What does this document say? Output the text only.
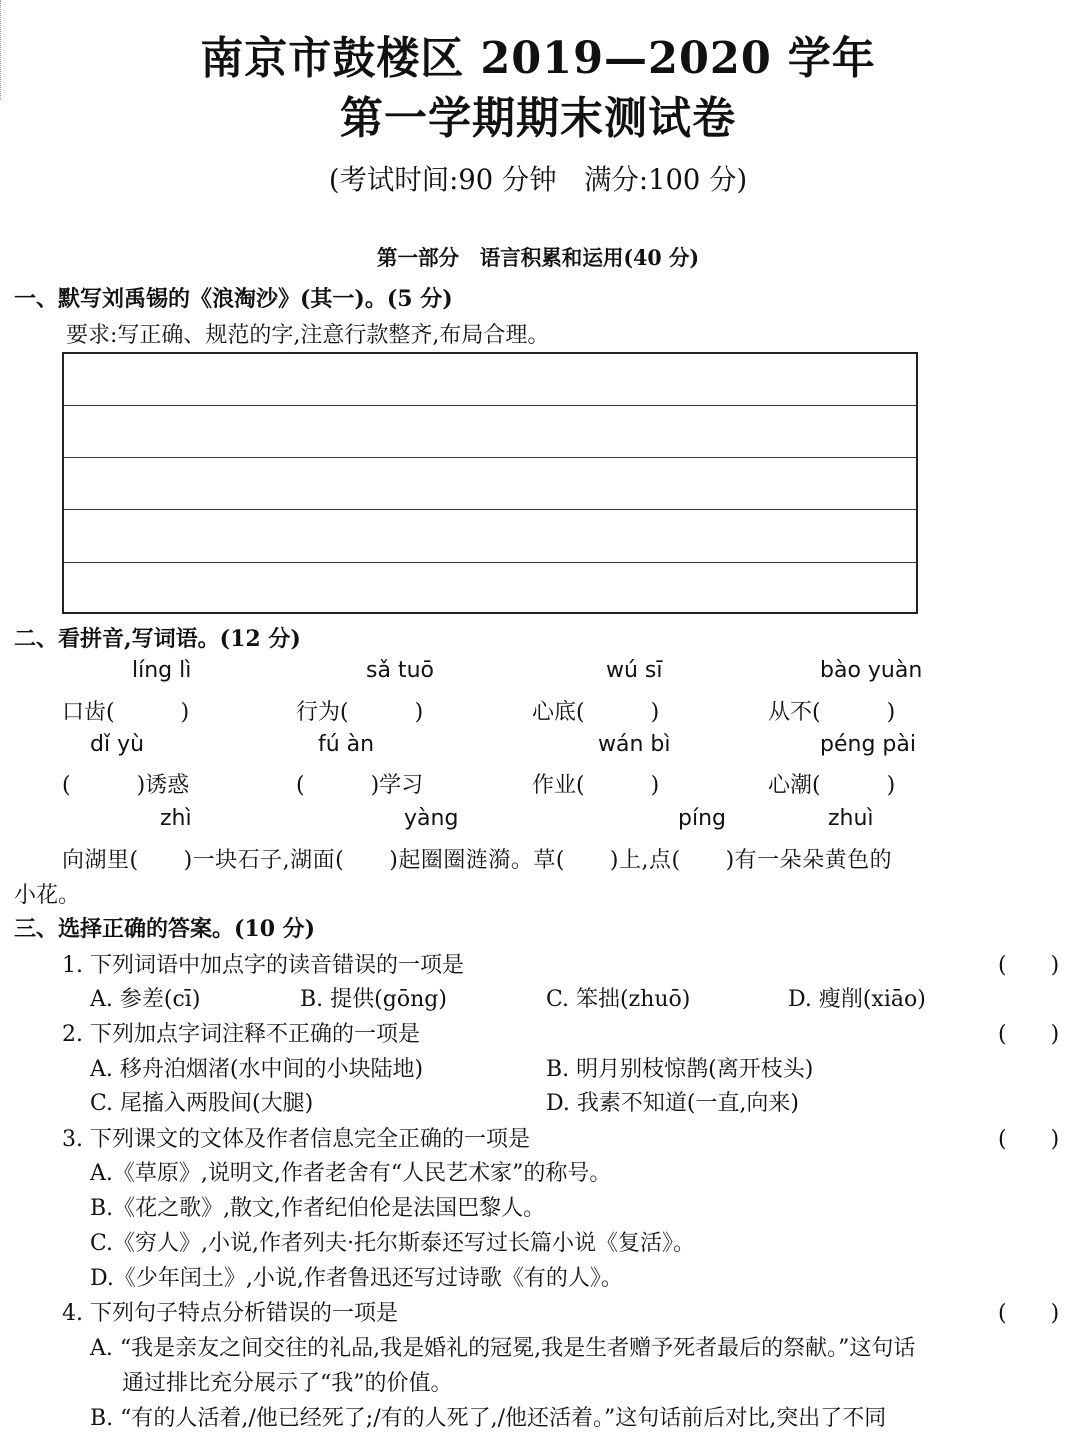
南京市鼓楼区 2019—2020 学年
第一学期期末测试卷
(考试时间:90 分钟　满分:100 分)
第一部分　语言积累和运用(40 分)
一、默写刘禹锡的《浪淘沙》(其一)。(5 分)
要求:写正确、规范的字,注意行款整齐,布局合理。
二、看拼音,写词语。(12 分)
líng lì	sǎ tuō	wú sī	bào yuàn
口齿(　　　)	行为(　　　)	心底(　　　)	从不(　　　)
dǐ yù	fú àn	wán bì	péng pài
(　　　)诱惑	(　　　)学习	作业(　　　)	心潮(　　　)
zhì	yàng	píng	zhuì
向湖里(　　)一块石子,湖面(　　)起圈圈涟漪。草(　　)上,点(　　)有一朵朵黄色的
小花。
三、选择正确的答案。(10 分)
1. 下列词语中加点字的读音错误的一项是	(　　)
A. 参差(cī)	B. 提供(gōng)	C. 笨拙(zhuō)	D. 瘦削(xiāo)
2. 下列加点字词注释不正确的一项是	(　　)
A. 移舟泊烟渚(水中间的小块陆地)	B. 明月别枝惊鹊(离开枝头)
C. 尾搐入两股间(大腿)	D. 我素不知道(一直,向来)
3. 下列课文的文体及作者信息完全正确的一项是	(　　)
A.《草原》,说明文,作者老舍有“人民艺术家”的称号。
B.《花之歌》,散文,作者纪伯伦是法国巴黎人。
C.《穷人》,小说,作者列夫·托尔斯泰还写过长篇小说《复活》。
D.《少年闰土》,小说,作者鲁迅还写过诗歌《有的人》。
4. 下列句子特点分析错误的一项是	(　　)
A. “我是亲友之间交往的礼品,我是婚礼的冠冕,我是生者赠予死者最后的祭献。”这句话
通过排比充分展示了“我”的价值。
B. “有的人活着,/他已经死了;/有的人死了,/他还活着。”这句话前后对比,突出了不同
